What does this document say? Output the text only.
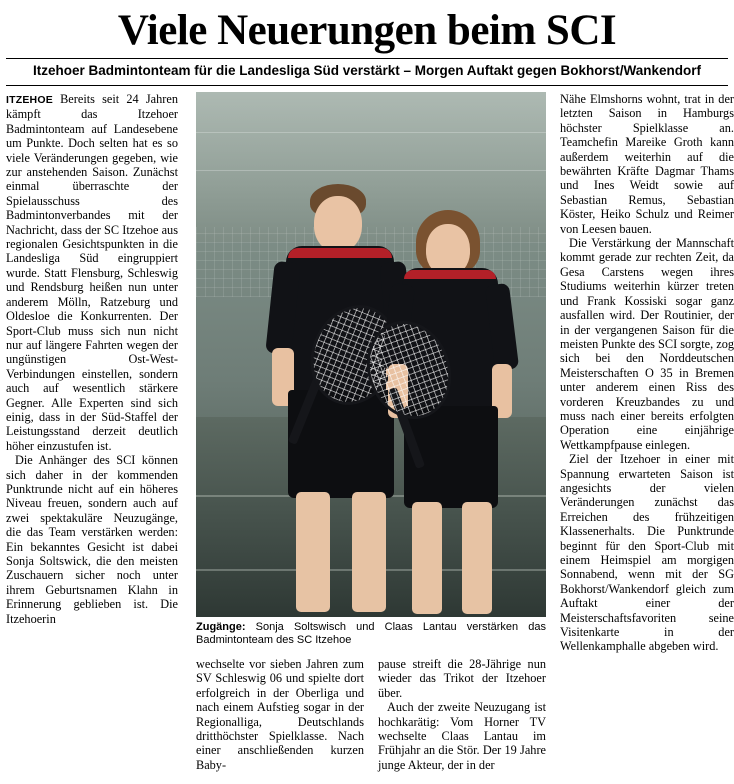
Viele Neuerungen beim SCI
Itzehoer Badmintonteam für die Landesliga Süd verstärkt – Morgen Auftakt gegen Bokhorst/Wankendorf

ITZEHOE Bereits seit 24 Jahren kämpft das Itzehoer Badmintonteam auf Landesebene um Punkte. Doch selten hat es so viele Veränderungen gegeben, wie zur anstehenden Saison. Zunächst einmal überraschte der Spielausschuss des Badmintonverbandes mit der Nachricht, dass der SC Itzehoe aus regionalen Gesichtspunkten in die Landesliga Süd eingruppiert wurde. Statt Flensburg, Schleswig und Rendsburg heißen nun unter anderem Mölln, Ratzeburg und Oldesloe die Konkurrenten. Der Sport-Club muss sich nun nicht nur auf längere Fahrten wegen der ungünstigen Ost-West-Verbindungen einstellen, sondern auch auf wesentlich stärkere Gegner. Alle Experten sind sich einig, dass in der Süd-Staffel der Leistungsstand derzeit deutlich höher einzustufen ist.

Die Anhänger des SCI können sich daher in der kommenden Punktrunde nicht auf ein höheres Niveau freuen, sondern auch auf zwei spektakuläre Neuzugänge, die das Team verstärken werden: Ein bekanntes Gesicht ist dabei Sonja Soltswick, die den meisten Zuschauern sicher noch unter ihrem Geburtsnamen Klahn in Erinnerung geblieben ist. Die Itzehoerin

Zugänge: Sonja Soltswisch und Claas Lantau verstärken das Badmintonteam des SC Itzehoe

wechselte vor sieben Jahren zum SV Schleswig 06 und spielte dort erfolgreich in der Oberliga und nach einem Aufstieg sogar in der Regionalliga, Deutschlands dritthöchster Spielklasse. Nach einer anschließenden kurzen Baby-

pause streift die 28-Jährige nun wieder das Trikot der Itzehoer über.

Auch der zweite Neuzugang ist hochkarätig: Vom Horner TV wechselte Claas Lantau im Frühjahr an die Stör. Der 19 Jahre junge Akteur, der in der

Nähe Elmshorns wohnt, trat in der letzten Saison in Hamburgs höchster Spielklasse an. Teamchefin Mareike Groth kann außerdem weiterhin auf die bewährten Kräfte Dagmar Thams und Ines Weidt sowie auf Sebastian Remus, Sebastian Köster, Heiko Schulz und Reimer von Leesen bauen.

Die Verstärkung der Mannschaft kommt gerade zur rechten Zeit, da Gesa Carstens wegen ihres Studiums weiterhin kürzer treten und Frank Kossiski sogar ganz ausfallen wird. Der Routinier, der in der vergangenen Saison für die meisten Punkte des SCI sorgte, zog sich bei den Norddeutschen Meisterschaften O 35 in Bremen unter anderem einen Riss des vorderen Kreuzbandes zu und muss nach einer bereits erfolgten Operation eine einjährige Wettkampfpause einlegen.

Ziel der Itzehoer in einer mit Spannung erwarteten Saison ist angesichts der vielen Veränderungen zunächst das Erreichen des frühzeitigen Klassenerhalts. Die Punktrunde beginnt für den Sport-Club mit einem Heimspiel am morgigen Sonnabend, wenn mit der SG Bokhorst/Wankendorf gleich zum Auftakt einer der Meisterschaftsfavoriten seine Visitenkarte in der Wellenkamphalle abgeben wird.
